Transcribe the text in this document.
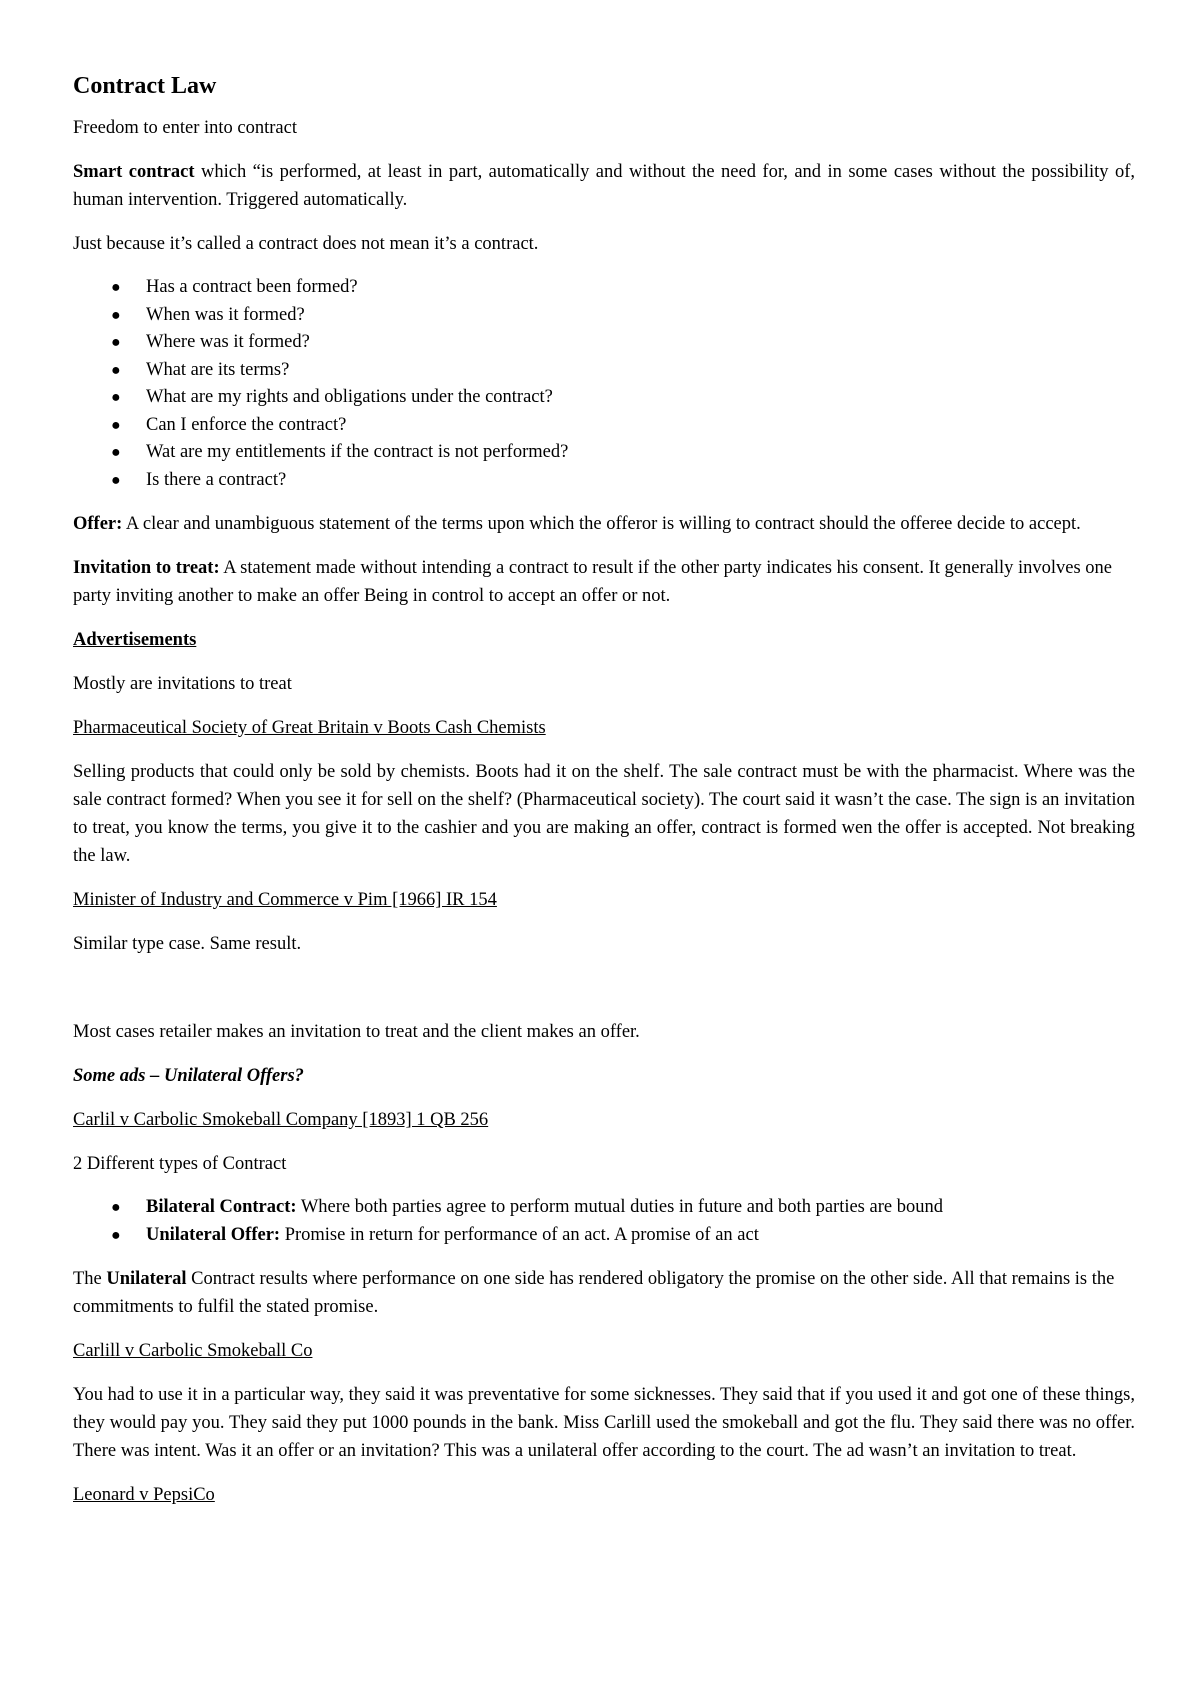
Contract Law

Freedom to enter into contract

Smart contract which “is performed, at least in part, automatically and without the need for, and in some cases without the possibility of, human intervention. Triggered automatically.

Just because it’s called a contract does not mean it’s a contract.

● Has a contract been formed?
● When was it formed?
● Where was it formed?
● What are its terms?
● What are my rights and obligations under the contract?
● Can I enforce the contract?
● Wat are my entitlements if the contract is not performed?
● Is there a contract?

Offer: A clear and unambiguous statement of the terms upon which the offeror is willing to contract should the offeree decide to accept.

Invitation to treat: A statement made without intending a contract to result if the other party indicates his consent. It generally involves one party inviting another to make an offer Being in control to accept an offer or not.

Advertisements

Mostly are invitations to treat

Pharmaceutical Society of Great Britain v Boots Cash Chemists

Selling products that could only be sold by chemists. Boots had it on the shelf. The sale contract must be with the pharmacist. Where was the sale contract formed? When you see it for sell on the shelf? (Pharmaceutical society). The court said it wasn’t the case. The sign is an invitation to treat, you know the terms, you give it to the cashier and you are making an offer, contract is formed wen the offer is accepted. Not breaking the law.

Minister of Industry and Commerce v Pim [1966] IR 154

Similar type case. Same result.

Most cases retailer makes an invitation to treat and the client makes an offer.

Some ads – Unilateral Offers?

Carlil v Carbolic Smokeball Company [1893] 1 QB 256

2 Different types of Contract

● Bilateral Contract: Where both parties agree to perform mutual duties in future and both parties are bound
● Unilateral Offer: Promise in return for performance of an act. A promise of an act

The Unilateral Contract results where performance on one side has rendered obligatory the promise on the other side. All that remains is the commitments to fulfil the stated promise.

Carlill v Carbolic Smokeball Co

You had to use it in a particular way, they said it was preventative for some sicknesses. They said that if you used it and got one of these things, they would pay you. They said they put 1000 pounds in the bank. Miss Carlill used the smokeball and got the flu. They said there was no offer. There was intent. Was it an offer or an invitation? This was a unilateral offer according to the court. The ad wasn’t an invitation to treat.

Leonard v PepsiCo
